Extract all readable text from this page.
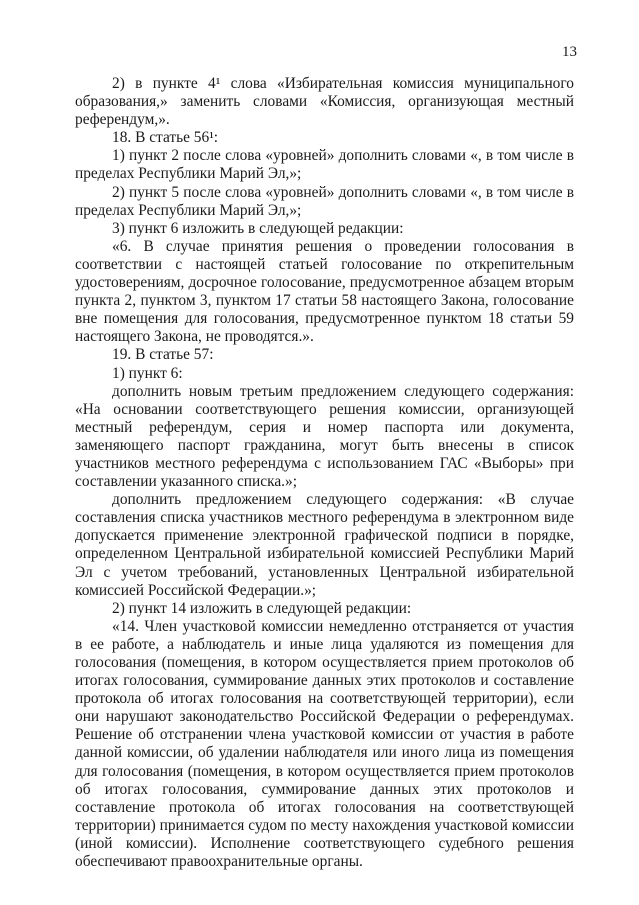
13

2) в пункте 4¹ слова «Избирательная комиссия муниципального образования,» заменить словами «Комиссия, организующая местный референдум,».

18. В статье 56¹:

1) пункт 2 после слова «уровней» дополнить словами «, в том числе в пределах Республики Марий Эл,»;

2) пункт 5 после слова «уровней» дополнить словами «, в том числе в пределах Республики Марий Эл,»;

3) пункт 6 изложить в следующей редакции:

«6. В случае принятия решения о проведении голосования в соответствии с настоящей статьей голосование по открепительным удостоверениям, досрочное голосование, предусмотренное абзацем вторым пункта 2, пунктом 3, пунктом 17 статьи 58 настоящего Закона, голосование вне помещения для голосования, предусмотренное пунктом 18 статьи 59 настоящего Закона, не проводятся.».

19. В статье 57:

1) пункт 6:

дополнить новым третьим предложением следующего содержания: «На основании соответствующего решения комиссии, организующей местный референдум, серия и номер паспорта или документа, заменяющего паспорт гражданина, могут быть внесены в список участников местного референдума с использованием ГАС «Выборы» при составлении указанного списка.»;

дополнить предложением следующего содержания: «В случае составления списка участников местного референдума в электронном виде допускается применение электронной графической подписи в порядке, определенном Центральной избирательной комиссией Республики Марий Эл с учетом требований, установленных Центральной избирательной комиссией Российской Федерации.»;

2) пункт 14 изложить в следующей редакции:

«14. Член участковой комиссии немедленно отстраняется от участия в ее работе, а наблюдатель и иные лица удаляются из помещения для голосования (помещения, в котором осуществляется прием протоколов об итогах голосования, суммирование данных этих протоколов и составление протокола об итогах голосования на соответствующей территории), если они нарушают законодательство Российской Федерации о референдумах. Решение об отстранении члена участковой комиссии от участия в работе данной комиссии, об удалении наблюдателя или иного лица из помещения для голосования (помещения, в котором осуществляется прием протоколов об итогах голосования, суммирование данных этих протоколов и составление протокола об итогах голосования на соответствующей территории) принимается судом по месту нахождения участковой комиссии (иной комиссии). Исполнение соответствующего судебного решения обеспечивают правоохранительные органы.
